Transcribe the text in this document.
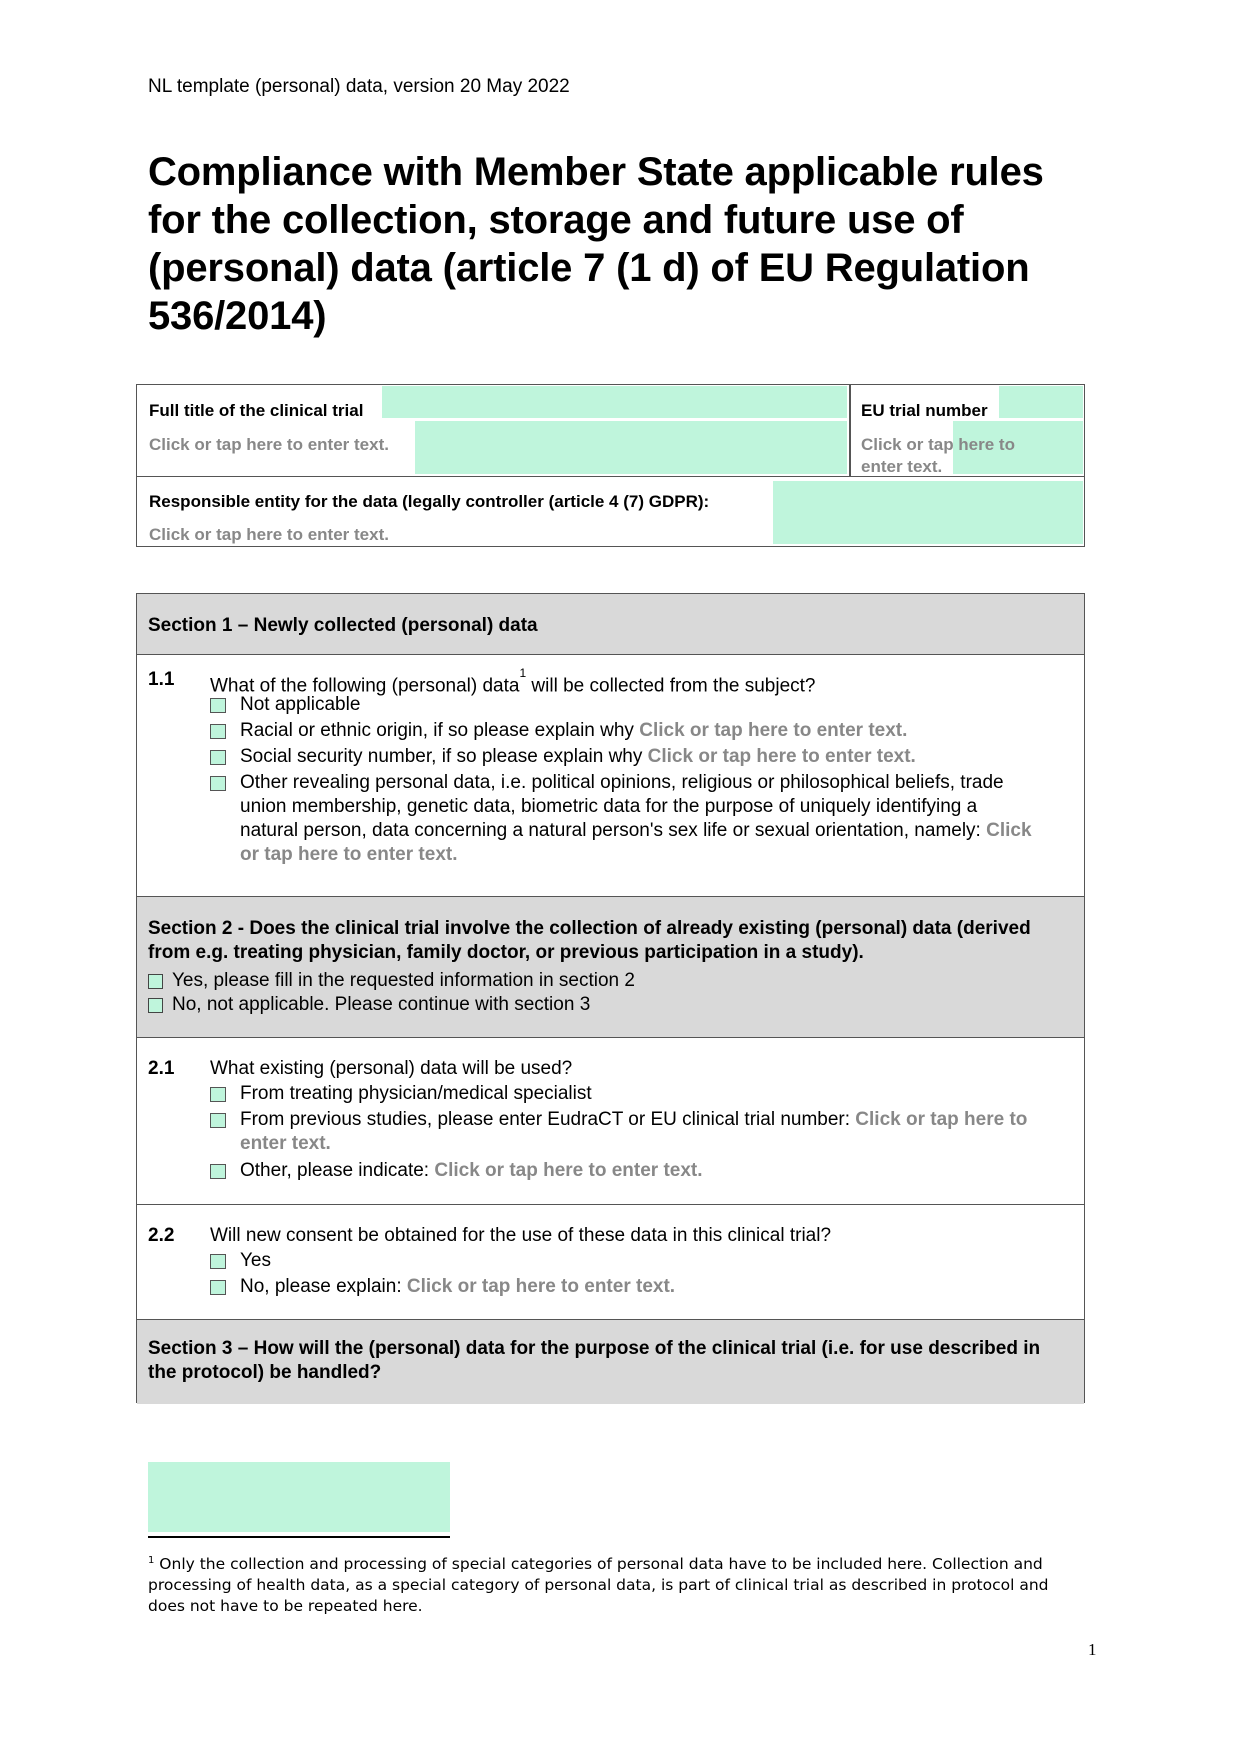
NL template (personal) data, version 20 May 2022
Compliance with Member State applicable rules for the collection, storage and future use of (personal) data (article 7 (1 d) of EU Regulation 536/2014)
Full title of the clinical trial
Click or tap here to enter text.
EU trial number
Click or tap here to enter text.
Responsible entity for the data (legally controller (article 4 (7) GDPR):
Click or tap here to enter text.
Section 1 – Newly collected (personal) data
1.1 What of the following (personal) data$^1$ will be collected from the subject?
Not applicable
Racial or ethnic origin, if so please explain why Click or tap here to enter text.
Social security number, if so please explain why Click or tap here to enter text.
Other revealing personal data, i.e. political opinions, religious or philosophical beliefs, trade union membership, genetic data, biometric data for the purpose of uniquely identifying a natural person, data concerning a natural person's sex life or sexual orientation, namely: Click or tap here to enter text.
Section 2 - Does the clinical trial involve the collection of already existing (personal) data (derived from e.g. treating physician, family doctor, or previous participation in a study).
Yes, please fill in the requested information in section 2
No, not applicable. Please continue with section 3
2.1 What existing (personal) data will be used?
From treating physician/medical specialist
From previous studies, please enter EudraCT or EU clinical trial number: Click or tap here to enter text.
Other, please indicate: Click or tap here to enter text.
2.2 Will new consent be obtained for the use of these data in this clinical trial?
Yes
No, please explain: Click or tap here to enter text.
Section 3 – How will the (personal) data for the purpose of the clinical trial (i.e. for use described in the protocol) be handled?
$^1$ Only the collection and processing of special categories of personal data have to be included here. Collection and processing of health data, as a special category of personal data, is part of clinical trial as described in protocol and does not have to be repeated here.
1
